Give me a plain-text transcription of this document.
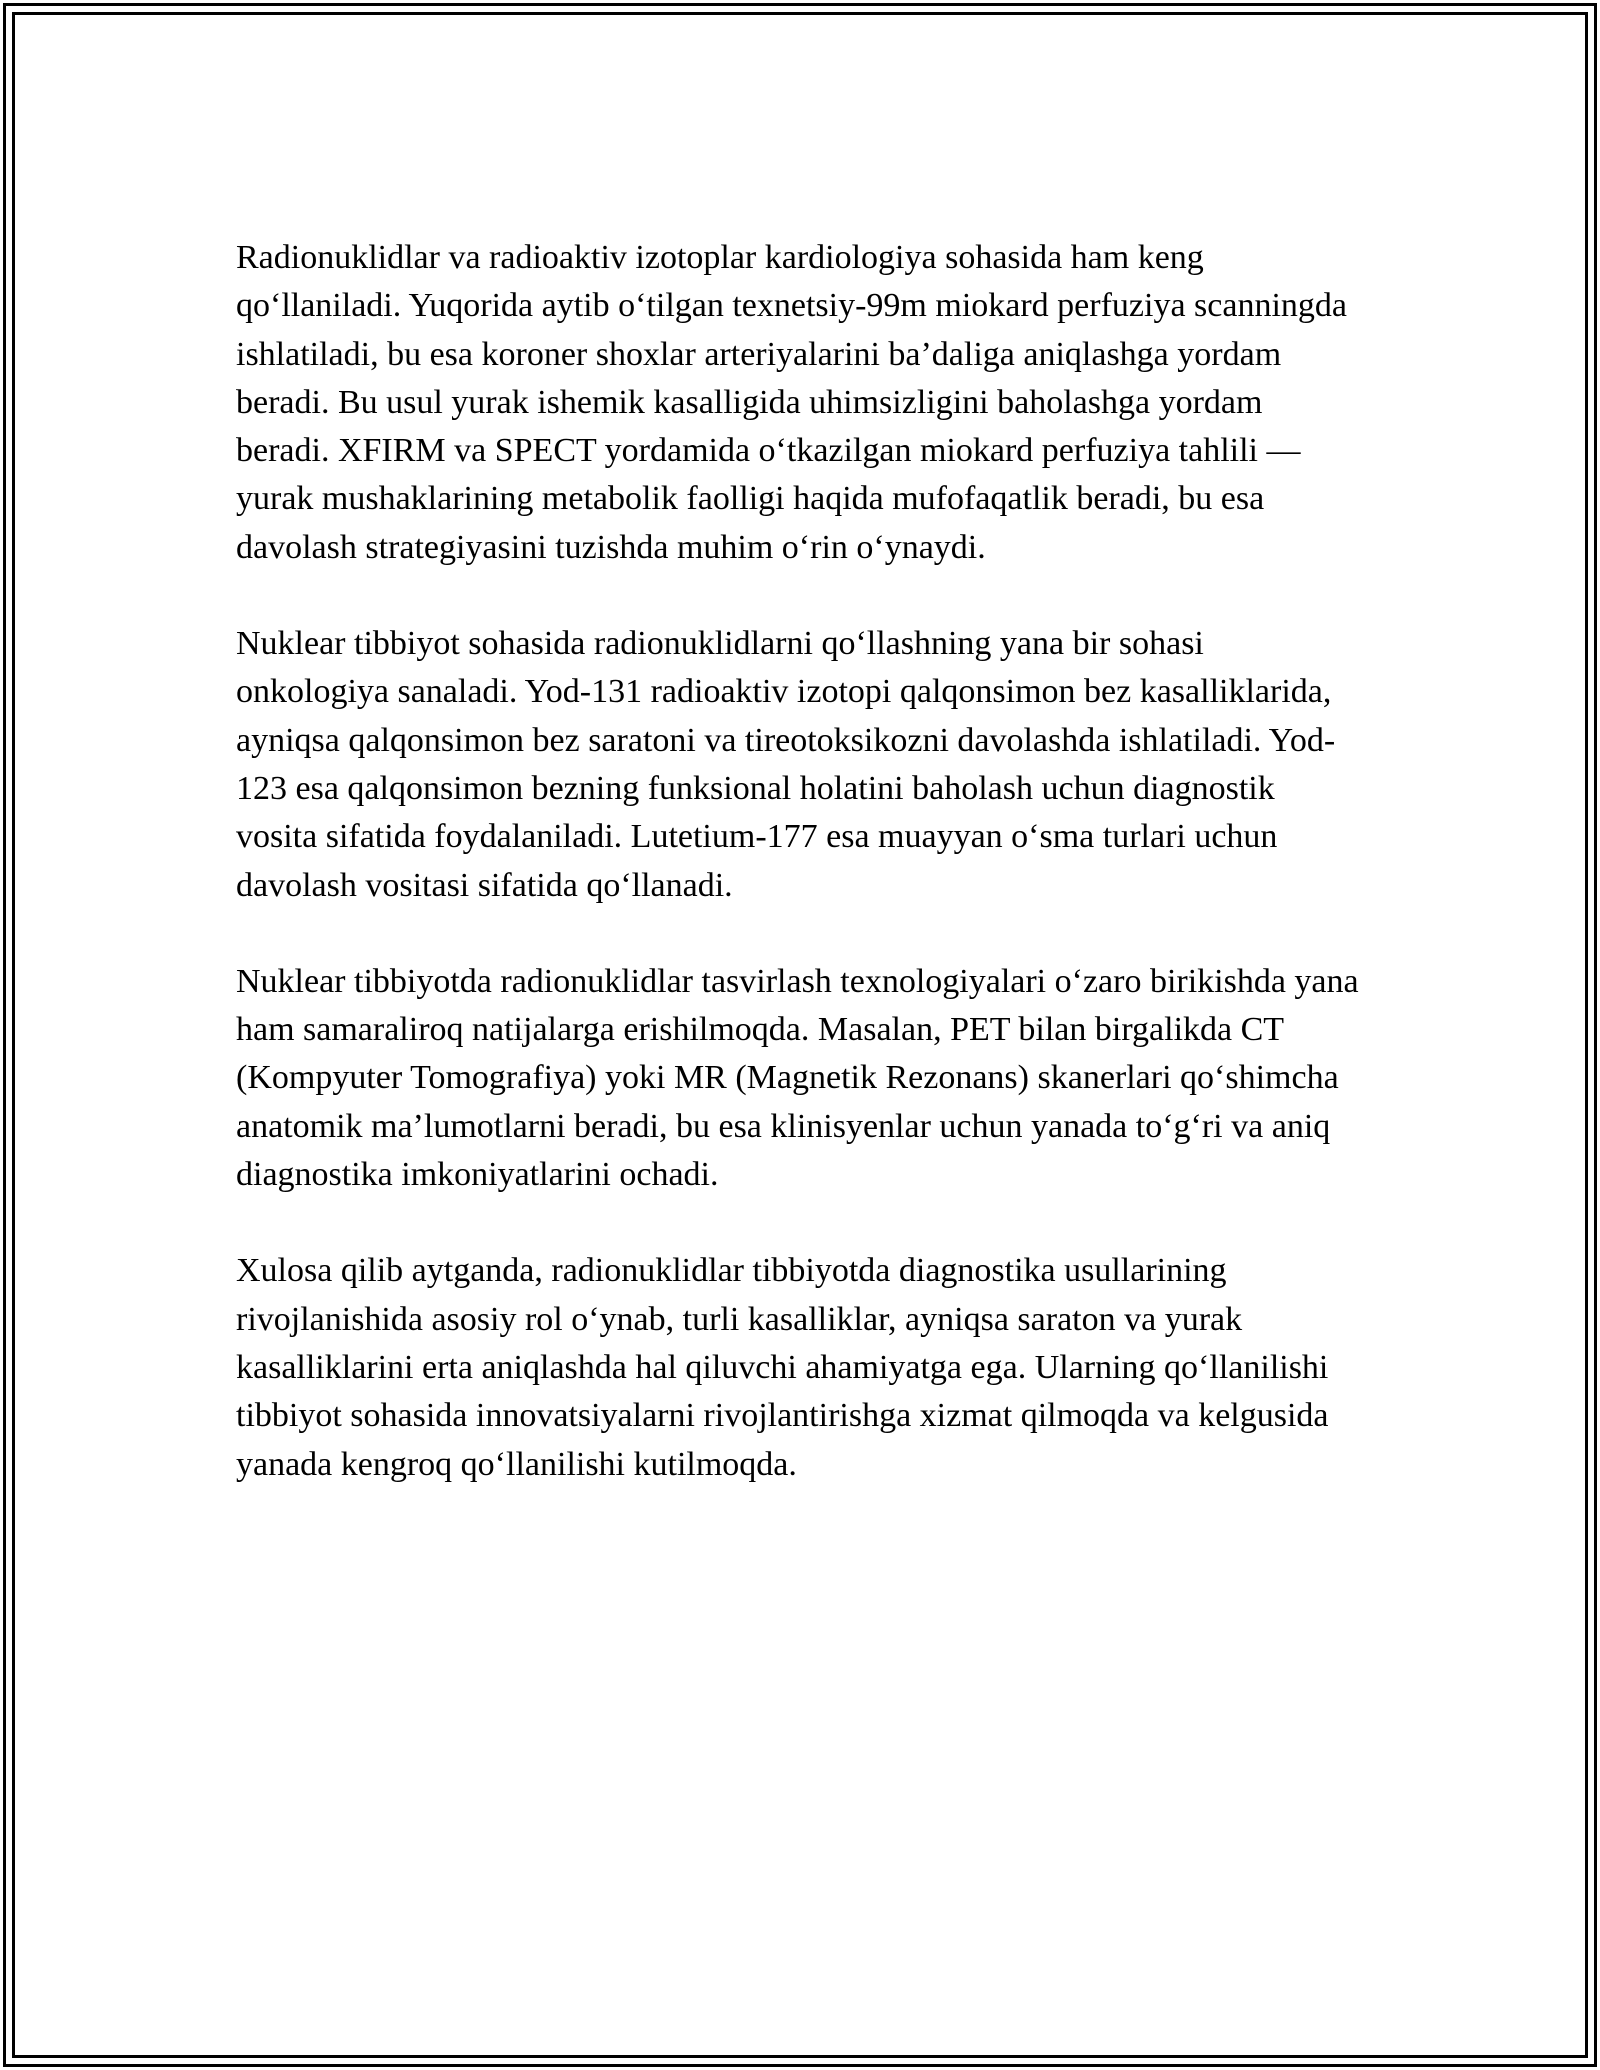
Radionuklidlar va radioaktiv izotoplar kardiologiya sohasida ham keng qo‘llaniladi. Yuqorida aytib o‘tilgan texnetsiy-99m miokard perfuziya scanningda ishlatiladi, bu esa koroner shoxlar arteriyalarini ba’daliga aniqlashga yordam beradi. Bu usul yurak ishemik kasalligida uhimsizligini baholashga yordam beradi. XFIRM va SPECT yordamida o‘tkazilgan miokard perfuziya tahlili — yurak mushaklarining metabolik faolligi haqida mufofaqatlik beradi, bu esa davolash strategiyasini tuzishda muhim o‘rin o‘ynaydi.

Nuklear tibbiyot sohasida radionuklidlarni qo‘llashning yana bir sohasi onkologiya sanaladi. Yod-131 radioaktiv izotopi qalqonsimon bez kasalliklarida, ayniqsa qalqonsimon bez saratoni va tireotoksikozni davolashda ishlatiladi. Yod-123 esa qalqonsimon bezning funksional holatini baholash uchun diagnostik vosita sifatida foydalaniladi. Lutetium-177 esa muayyan o‘sma turlari uchun davolash vositasi sifatida qo‘llanadi.

Nuklear tibbiyotda radionuklidlar tasvirlash texnologiyalari o‘zaro birikishda yana ham samaraliroq natijalarga erishilmoqda. Masalan, PET bilan birgalikda CT (Kompyuter Tomografiya) yoki MR (Magnetik Rezonans) skanerlari qo‘shimcha anatomik ma’lumotlarni beradi, bu esa klinisyenlar uchun yanada to‘g‘ri va aniq diagnostika imkoniyatlarini ochadi.

Xulosa qilib aytganda, radionuklidlar tibbiyotda diagnostika usullarining rivojlanishida asosiy rol o‘ynab, turli kasalliklar, ayniqsa saraton va yurak kasalliklarini erta aniqlashda hal qiluvchi ahamiyatga ega. Ularning qo‘llanilishi tibbiyot sohasida innovatsiyalarni rivojlantirishga xizmat qilmoqda va kelgusida yanada kengroq qo‘llanilishi kutilmoqda.
